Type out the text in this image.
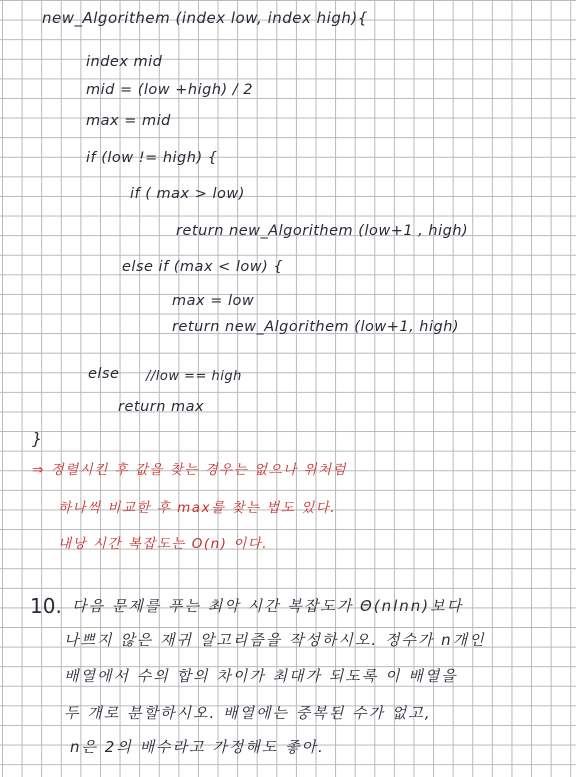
new_Algorithem (index low, index high){
index mid
mid = (low +high) / 2
max = mid
if (low != high) {
if ( max > low)
return new_Algorithem (low+1 , high)
else if (max < low) {
max = low
return new_Algorithem (low+1, high)
else //low == high
return max
}
⇒ 정렬시킨 후 값을 찾는 경우는 없으나 위처럼
하나씩 비교한 후 max를 찾는 법도 있다.
내낭 시간 복잡도는 O(n) 이다.
10. 다음 문제를 푸는 최악 시간 복잡도가 Θ(nlnn)보다
나쁘지 않은 재귀 알고리즘을 작성하시오. 정수가 n개인
배열에서 수의 합의 차이가 최대가 되도록 이 배열을
두 개로 분할하시오. 배열에는 중복된 수가 없고,
n은 2의 배수라고 가정해도 좋아.
